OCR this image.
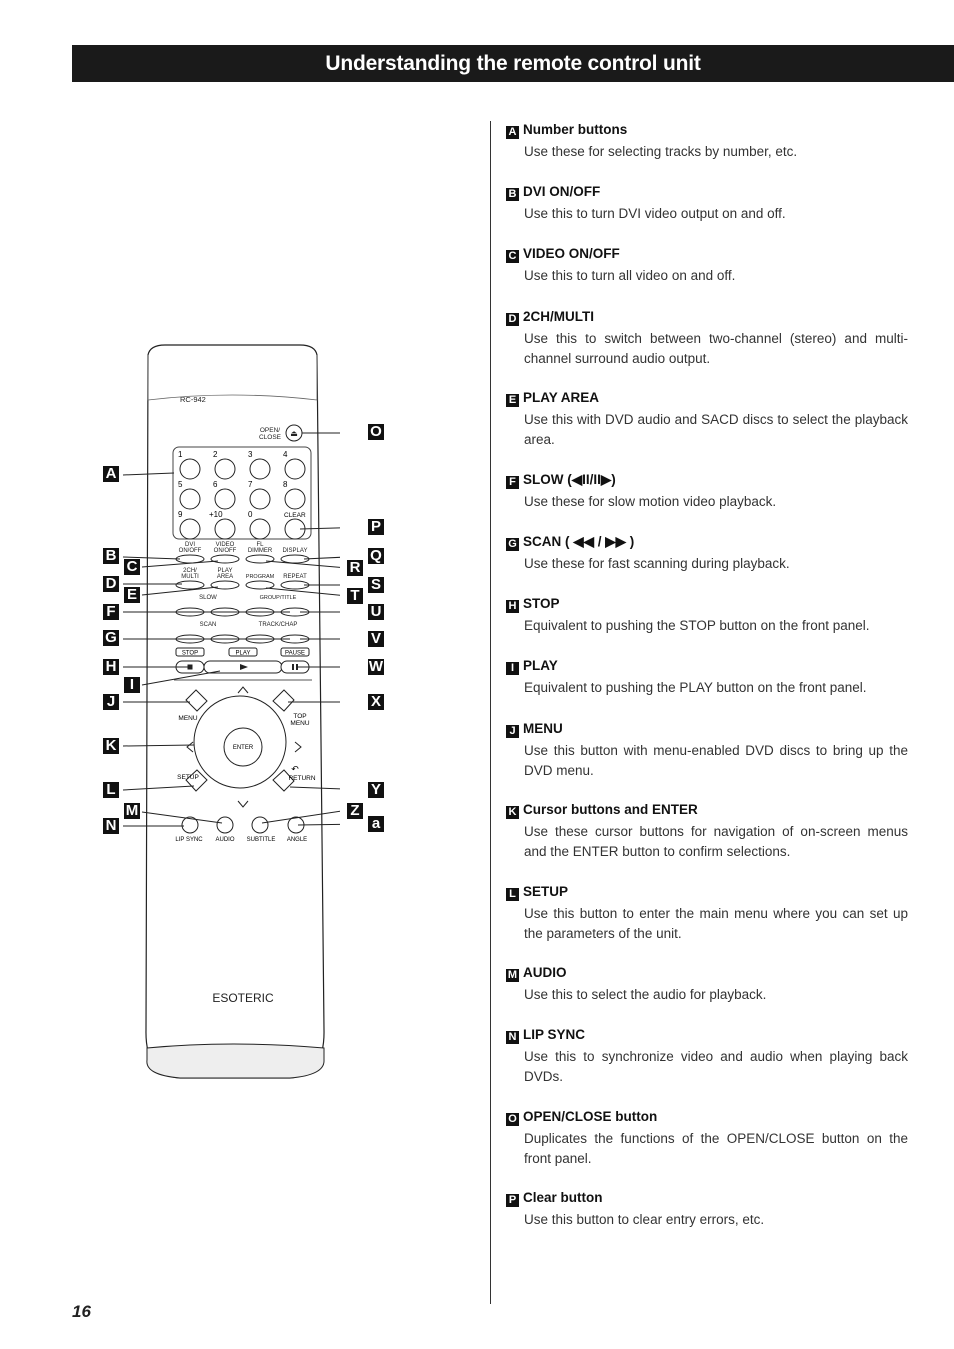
Understanding the remote control unit
RC-942
OPEN/ CLOSE ⏏
1	2	3	4
5	6	7	8
9	+10	0	CLEAR
DVI ON/OFF
VIDEO ON/OFF
FL DIMMER DISPLAY
2CH/ MULTI
PLAY AREA PROGRAM REPEAT
SLOW	GROUP/TITLE
SCAN	TRACK/CHAP
STOP	PLAY	PAUSE
ENTER
MENU	TOP MENU
SETUP
↶
RETURN
LIP SYNC AUDIO SUBTITLE ANGLE
ESOTERIC
A
B
C
D
E
F
G
H
I
J
K
L
M
N
O
P
Q
R
S
T
U
V
W
X
Y
Z
a
A Number buttons
Use these for selecting tracks by number, etc.
B DVI ON/OFF
Use this to turn DVI video output on and off.
C VIDEO ON/OFF
Use this to turn all video on and off.
D 2CH/MULTI
Use this to switch between two-channel (stereo) and multi-channel surround audio output.
E PLAY AREA
Use this with DVD audio and SACD discs to select the playback area.
F SLOW (◀II/II▶)
Use these for slow motion video playback.
G SCAN ( ◀◀ / ▶▶ )
Use these for fast scanning during playback.
H STOP
Equivalent to pushing the STOP button on the front panel.
I PLAY
Equivalent to pushing the PLAY button on the front panel.
J MENU
Use this button with menu-enabled DVD discs to bring up the DVD menu.
K Cursor buttons and ENTER
Use these cursor buttons for navigation of on-screen menus and the ENTER button to confirm selections.
L SETUP
Use this button to enter the main menu where you can set up the parameters of the unit.
M AUDIO
Use this to select the audio for playback.
N LIP SYNC
Use this to synchronize video and audio when playing back DVDs.
O OPEN/CLOSE button
Duplicates the functions of the OPEN/CLOSE button on the front panel.
P Clear button
Use this button to clear entry errors, etc.
16
